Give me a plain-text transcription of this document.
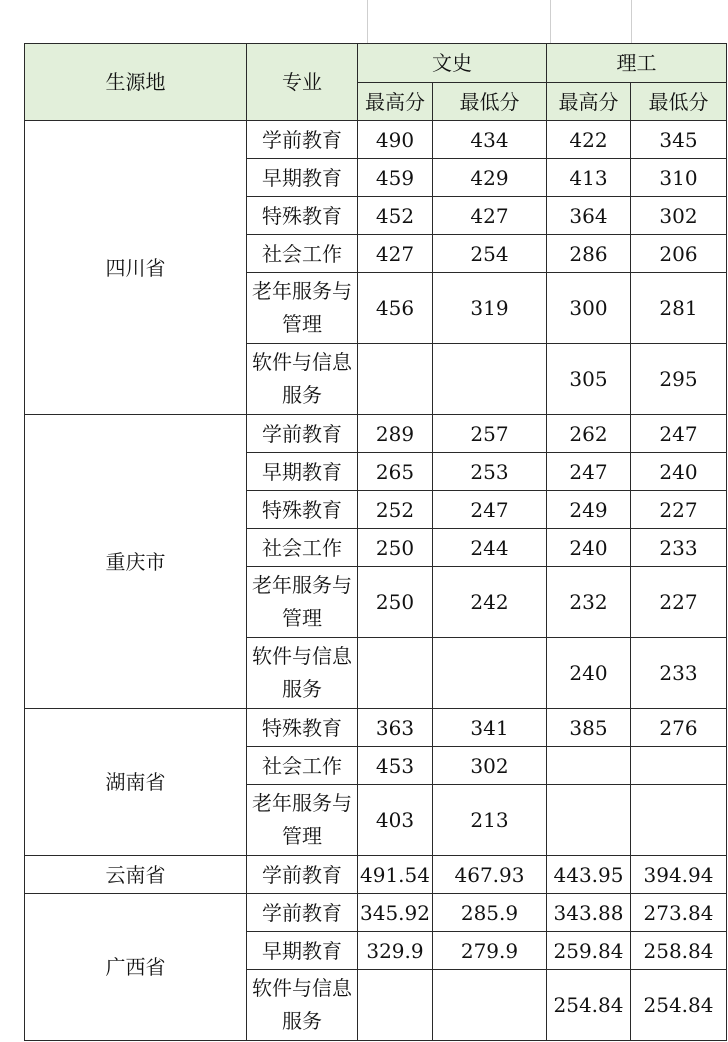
生源地	专业	文史		理工	
		最高分	最低分	最高分	最低分
四川省	学前教育	490	434	422	345
	早期教育	459	429	413	310
	特殊教育	452	427	364	302
	社会工作	427	254	286	206
	老年服务与管理	456	319	300	281
	软件与信息服务			305	295
重庆市	学前教育	289	257	262	247
	早期教育	265	253	247	240
	特殊教育	252	247	249	227
	社会工作	250	244	240	233
	老年服务与管理	250	242	232	227
	软件与信息服务			240	233
湖南省	特殊教育	363	341	385	276
	社会工作	453	302		
	老年服务与管理	403	213		
云南省	学前教育	491.54	467.93	443.95	394.94
广西省	学前教育	345.92	285.9	343.88	273.84
	早期教育	329.9	279.9	259.84	258.84
	软件与信息服务			254.84	254.84
